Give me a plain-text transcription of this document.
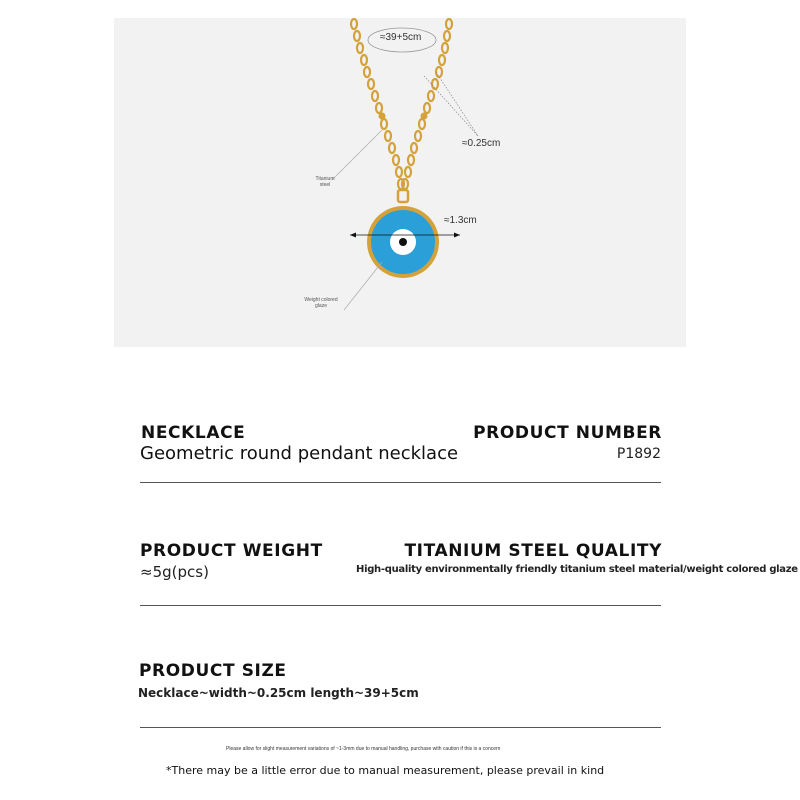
≈39+5cm
≈0.25cm
≈1.3cm
Titanium
steel
Weight colored
glaze
NECKLACE	PRODUCT NUMBER
Geometric round pendant necklace	P1892
PRODUCT WEIGHT	TITANIUM STEEL QUALITY
≈5g(pcs)	High-quality environmentally friendly titanium steel material/weight colored glaze
PRODUCT SIZE
Necklace~width~0.25cm length~39+5cm
Please allow for slight measurement variations of ~1-3mm due to manual handling, purchase with caution if this is a concern
*There may be a little error due to manual measurement, please prevail in kind
